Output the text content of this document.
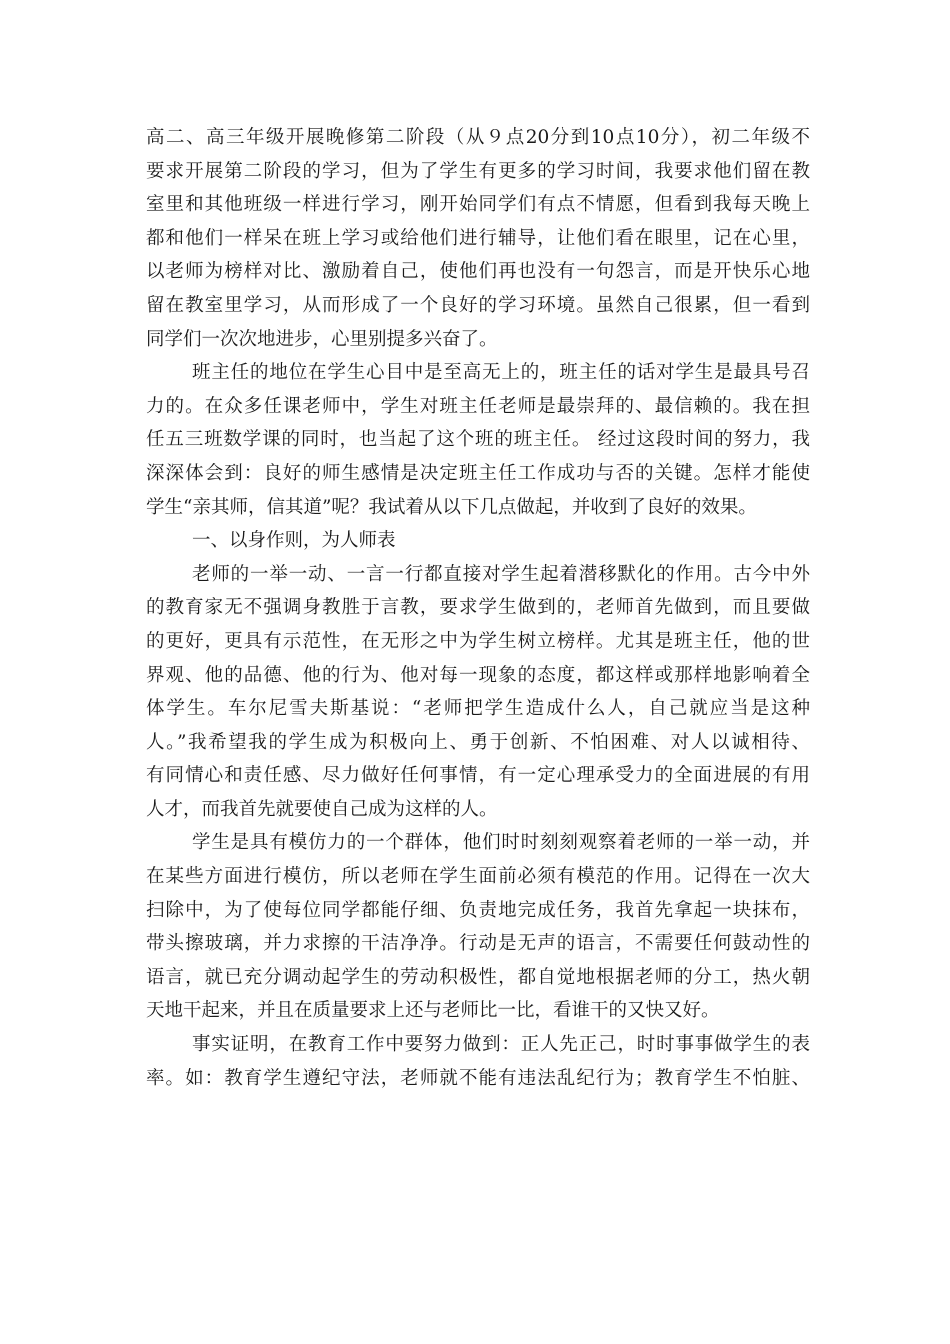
高二、高三年级开展晚修第二阶段（从９点20分到10点10分），初二年级不
要求开展第二阶段的学习，但为了学生有更多的学习时间，我要求他们留在教
室里和其他班级一样进行学习，刚开始同学们有点不情愿，但看到我每天晚上
都和他们一样呆在班上学习或给他们进行辅导，让他们看在眼里，记在心里，
以老师为榜样对比、激励着自己，使他们再也没有一句怨言，而是开快乐心地
留在教室里学习，从而形成了一个良好的学习环境。虽然自己很累，但一看到
同学们一次次地进步，心里别提多兴奋了。
班主任的地位在学生心目中是至高无上的，班主任的话对学生是最具号召
力的。在众多任课老师中，学生对班主任老师是最崇拜的、最信赖的。我在担
任五三班数学课的同时，也当起了这个班的班主任。 经过这段时间的努力，我
深深体会到：良好的师生感情是决定班主任工作成功与否的关键。怎样才能使
学生“亲其师，信其道”呢？我试着从以下几点做起，并收到了良好的效果。
一、以身作则，为人师表
老师的一举一动、一言一行都直接对学生起着潜移默化的作用。古今中外
的教育家无不强调身教胜于言教，要求学生做到的，老师首先做到，而且要做
的更好，更具有示范性，在无形之中为学生树立榜样。尤其是班主任，他的世
界观、他的品德、他的行为、他对每一现象的态度，都这样或那样地影响着全
体学生。车尔尼雪夫斯基说：“老师把学生造成什么人，自己就应当是这种
人。”我希望我的学生成为积极向上、勇于创新、不怕困难、对人以诚相待、
有同情心和责任感、尽力做好任何事情，有一定心理承受力的全面进展的有用
人才，而我首先就要使自己成为这样的人。
学生是具有模仿力的一个群体，他们时时刻刻观察着老师的一举一动，并
在某些方面进行模仿，所以老师在学生面前必须有模范的作用。记得在一次大
扫除中，为了使每位同学都能仔细、负责地完成任务，我首先拿起一块抹布，
带头擦玻璃，并力求擦的干洁净净。行动是无声的语言，不需要任何鼓动性的
语言，就已充分调动起学生的劳动积极性，都自觉地根据老师的分工，热火朝
天地干起来，并且在质量要求上还与老师比一比，看谁干的又快又好。
事实证明，在教育工作中要努力做到：正人先正己，时时事事做学生的表
率。如：教育学生遵纪守法，老师就不能有违法乱纪行为；教育学生不怕脏、
